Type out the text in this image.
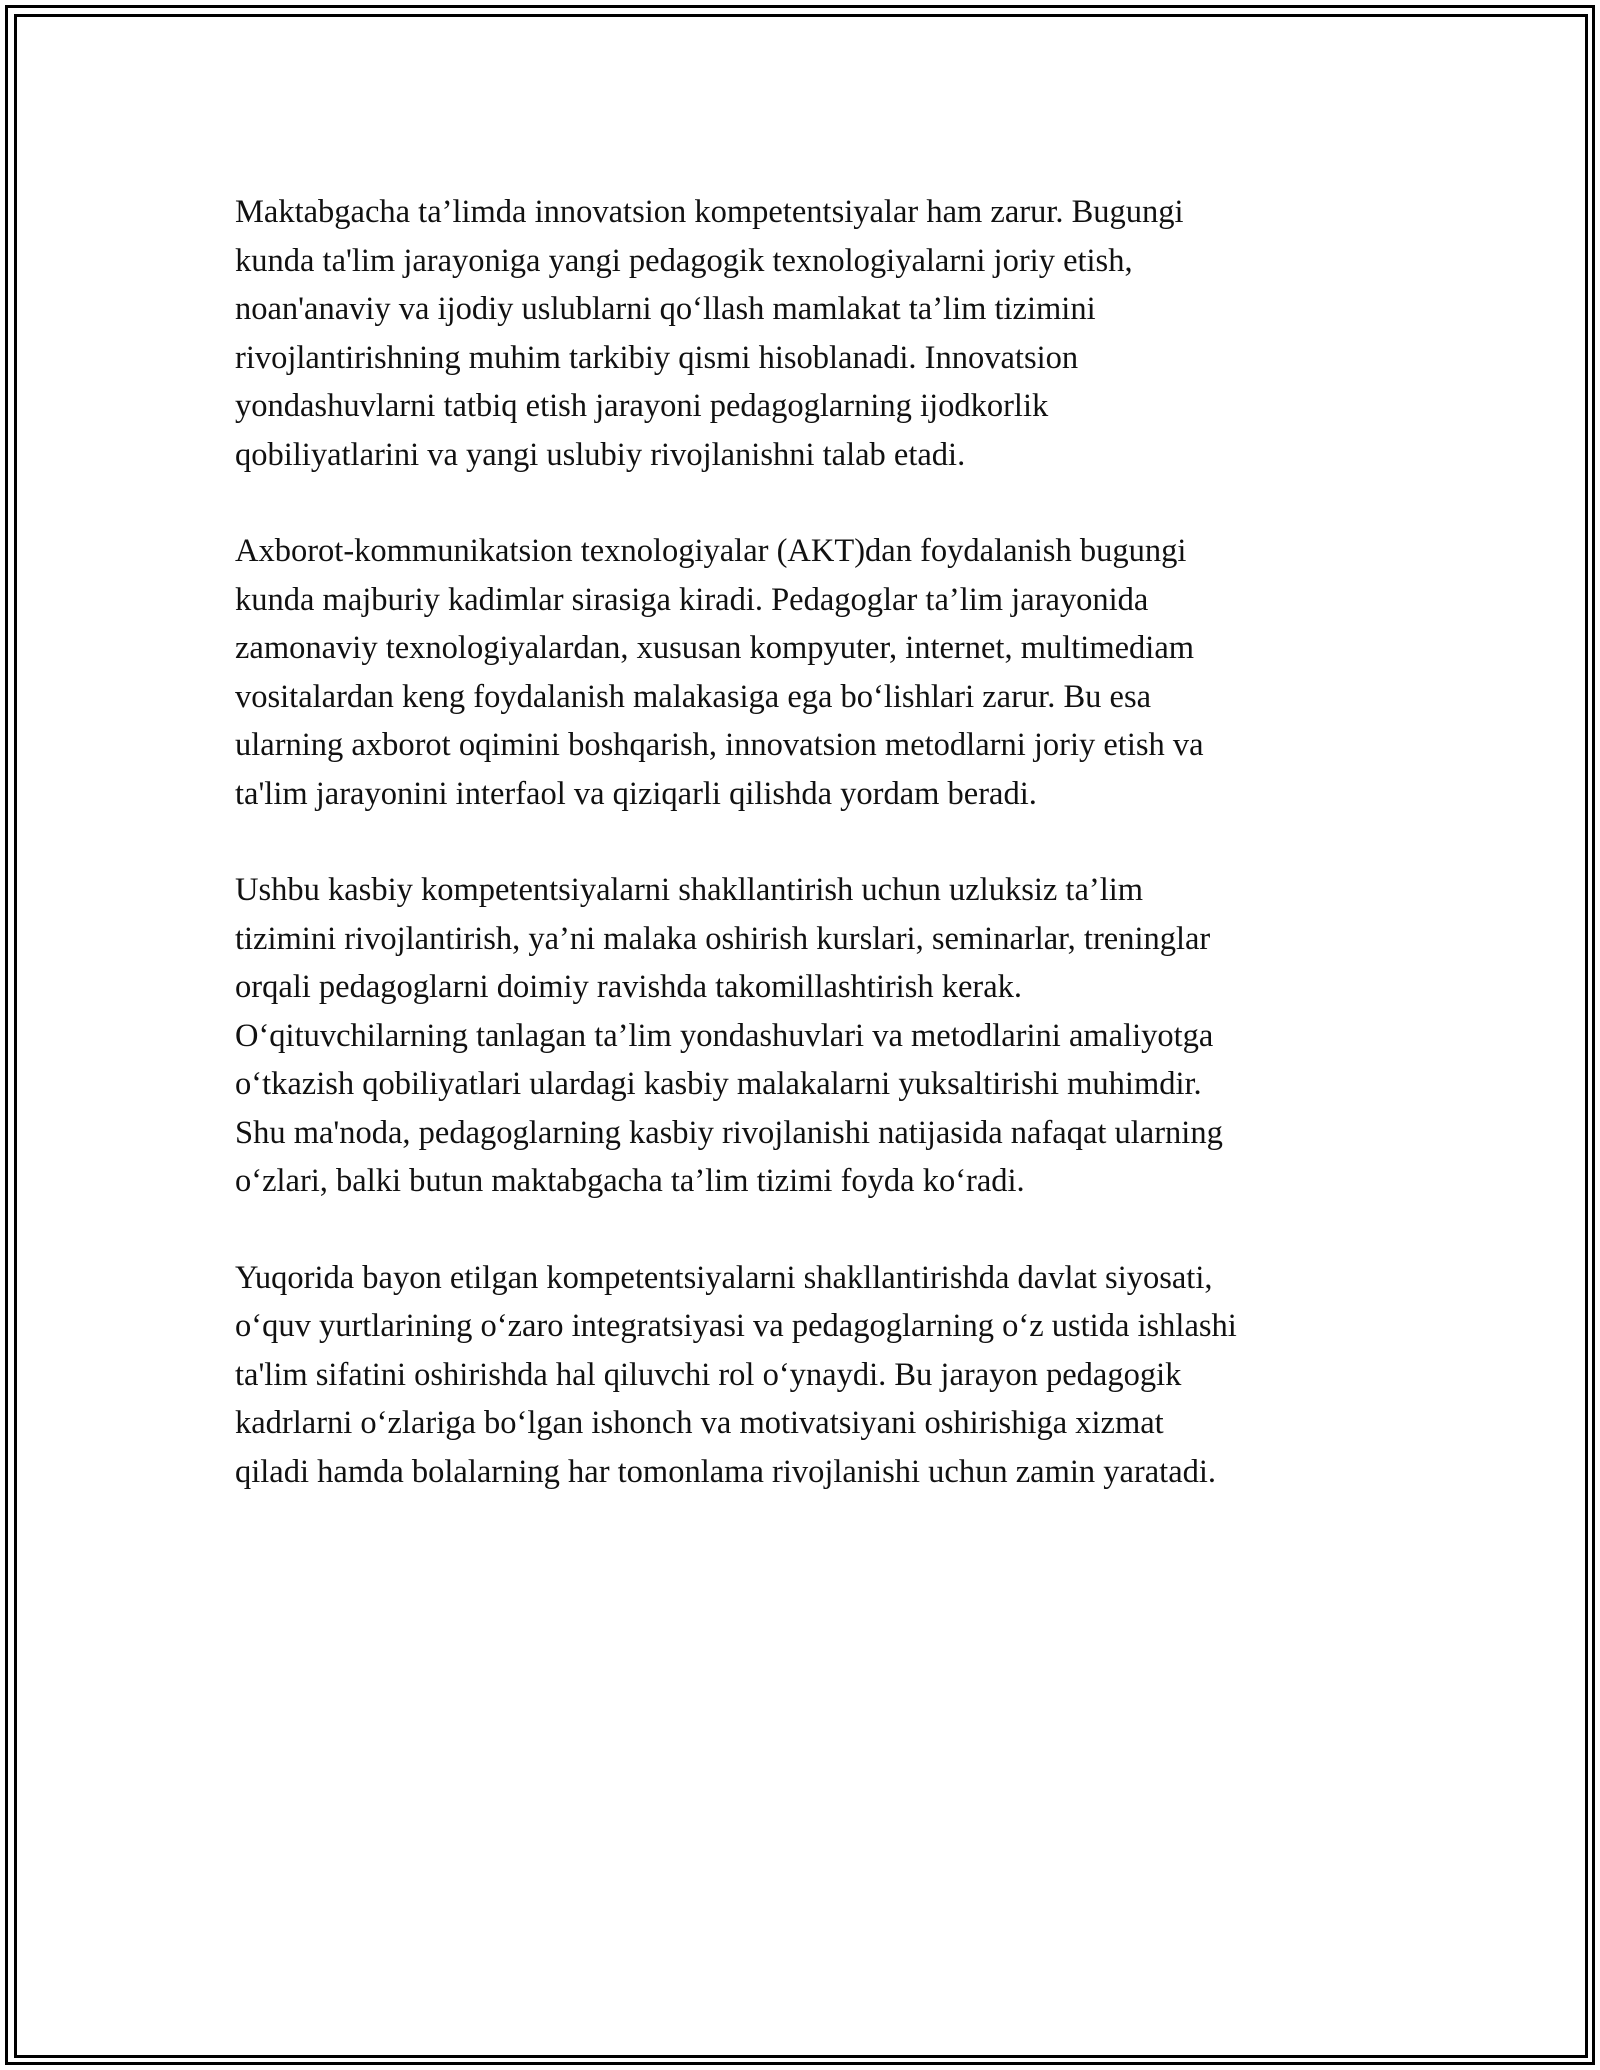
Maktabgacha ta’limda innovatsion kompetentsiyalar ham zarur. Bugungi
kunda ta'lim jarayoniga yangi pedagogik texnologiyalarni joriy etish,
noan'anaviy va ijodiy uslublarni qo‘llash mamlakat ta’lim tizimini
rivojlantirishning muhim tarkibiy qismi hisoblanadi. Innovatsion
yondashuvlarni tatbiq etish jarayoni pedagoglarning ijodkorlik
qobiliyatlarini va yangi uslubiy rivojlanishni talab etadi.

Axborot-kommunikatsion texnologiyalar (AKT)dan foydalanish bugungi
kunda majburiy kadimlar sirasiga kiradi. Pedagoglar ta’lim jarayonida
zamonaviy texnologiyalardan, xususan kompyuter, internet, multimediam
vositalardan keng foydalanish malakasiga ega bo‘lishlari zarur. Bu esa
ularning axborot oqimini boshqarish, innovatsion metodlarni joriy etish va
ta'lim jarayonini interfaol va qiziqarli qilishda yordam beradi.

Ushbu kasbiy kompetentsiyalarni shakllantirish uchun uzluksiz ta’lim
tizimini rivojlantirish, ya’ni malaka oshirish kurslari, seminarlar, treninglar
orqali pedagoglarni doimiy ravishda takomillashtirish kerak.
O‘qituvchilarning tanlagan ta’lim yondashuvlari va metodlarini amaliyotga
o‘tkazish qobiliyatlari ulardagi kasbiy malakalarni yuksaltirishi muhimdir.
Shu ma'noda, pedagoglarning kasbiy rivojlanishi natijasida nafaqat ularning
o‘zlari, balki butun maktabgacha ta’lim tizimi foyda ko‘radi.

Yuqorida bayon etilgan kompetentsiyalarni shakllantirishda davlat siyosati,
o‘quv yurtlarining o‘zaro integratsiyasi va pedagoglarning o‘z ustida ishlashi
ta'lim sifatini oshirishda hal qiluvchi rol o‘ynaydi. Bu jarayon pedagogik
kadrlarni o‘zlariga bo‘lgan ishonch va motivatsiyani oshirishiga xizmat
qiladi hamda bolalarning har tomonlama rivojlanishi uchun zamin yaratadi.
